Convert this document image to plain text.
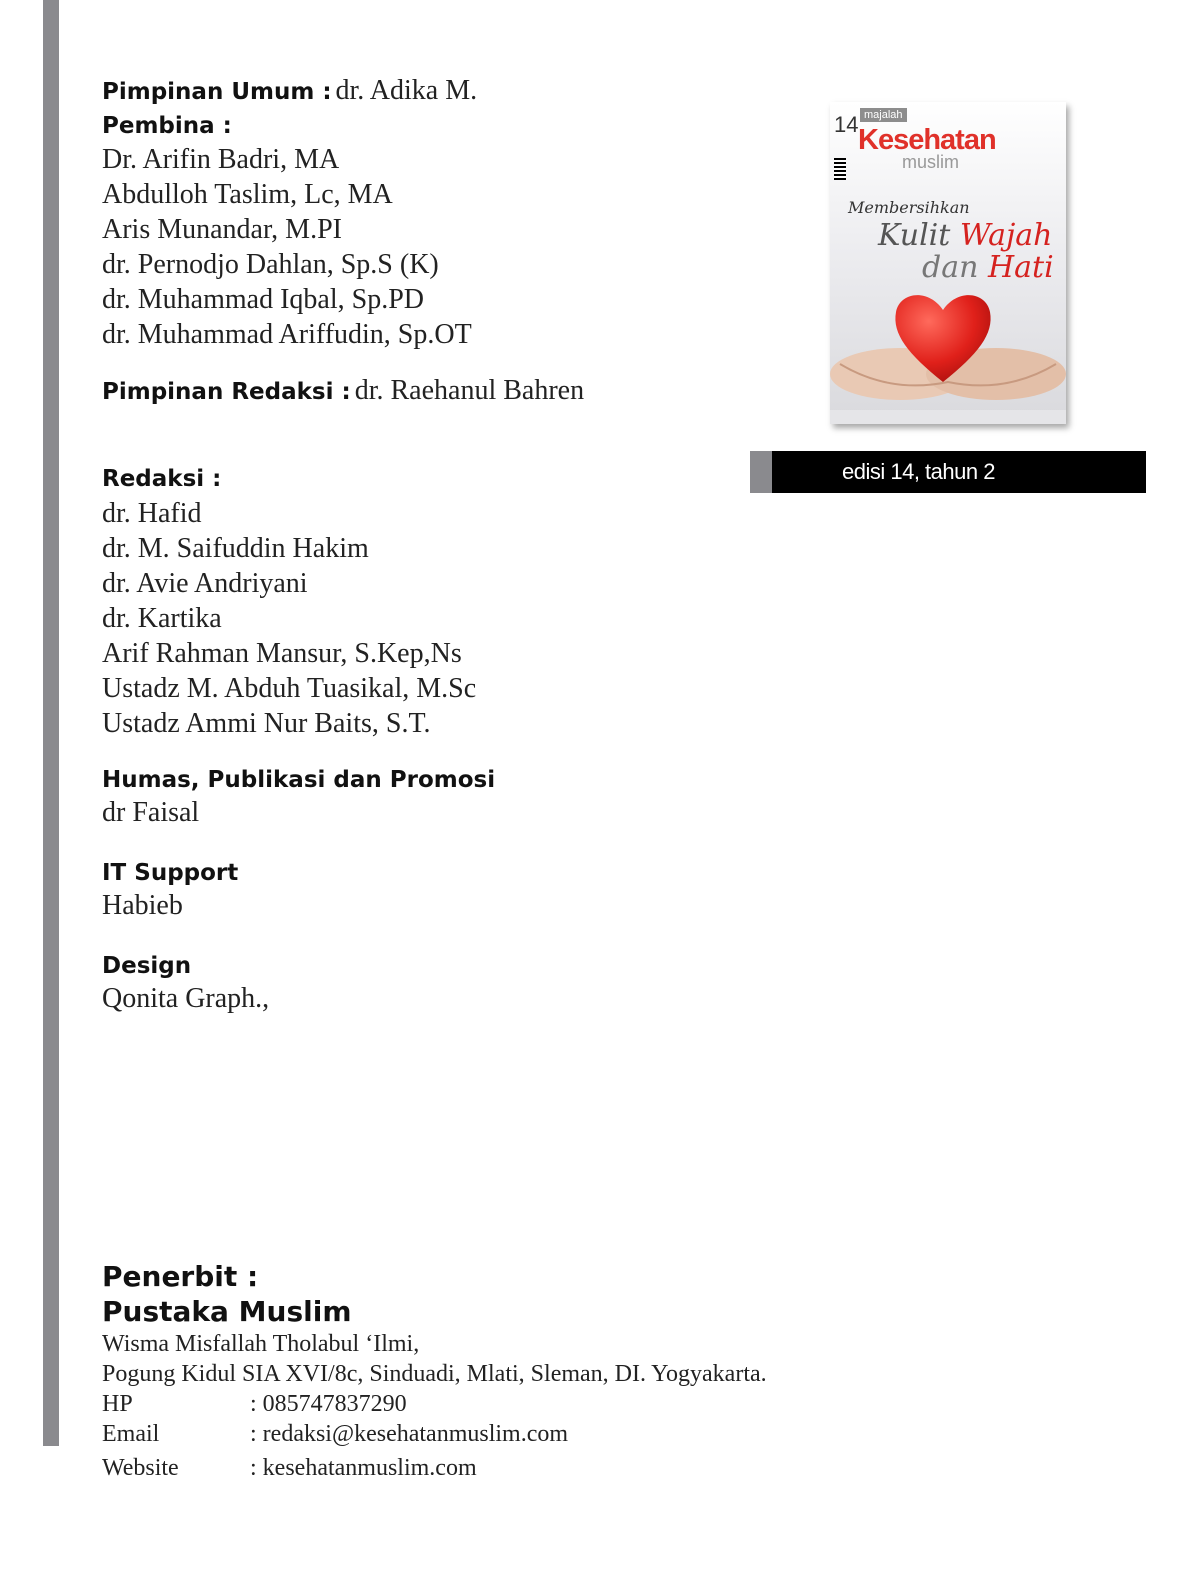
Pimpinan Umum : dr. Adika M.
Pembina :
Dr. Arifin Badri, MA
Abdulloh Taslim, Lc, MA
Aris Munandar, M.PI
dr. Pernodjo Dahlan, Sp.S (K)
dr. Muhammad Iqbal, Sp.PD
dr. Muhammad Ariffudin, Sp.OT
Pimpinan Redaksi : dr. Raehanul Bahren
Redaksi :
dr. Hafid
dr. M. Saifuddin Hakim
dr. Avie Andriyani
dr. Kartika
Arif Rahman Mansur, S.Kep,Ns
Ustadz M. Abduh Tuasikal, M.Sc
Ustadz Ammi Nur Baits, S.T.
Humas, Publikasi dan Promosi
dr Faisal
IT Support
Habieb
Design
Qonita Graph.,
14 majalah
Kesehatan
muslim
Membersihkan
Kulit Wajah
dan Hati
edisi 14, tahun 2
Penerbit :
Pustaka Muslim
Wisma Misfallah Tholabul ‘Ilmi,
Pogung Kidul SIA XVI/8c, Sinduadi, Mlati, Sleman, DI. Yogyakarta.
HP	: 085747837290
Email	: redaksi@kesehatanmuslim.com
Website	: kesehatanmuslim.com
